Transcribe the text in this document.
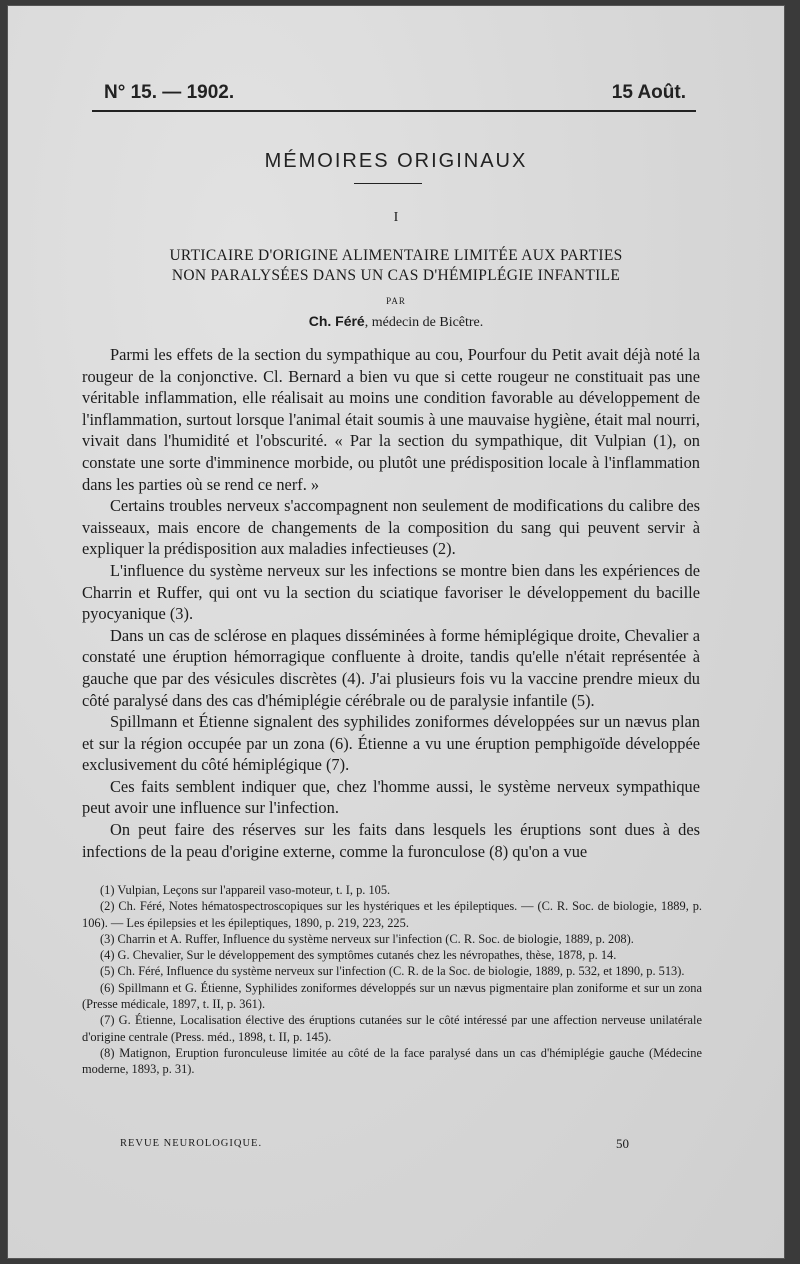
N° 15. — 1902.	15 Août.
MÉMOIRES ORIGINAUX
I
URTICAIRE D'ORIGINE ALIMENTAIRE LIMITÉE AUX PARTIES
NON PARALYSÉES DANS UN CAS D'HÉMIPLÉGIE INFANTILE
PAR
Ch. Féré, médecin de Bicêtre.

Parmi les effets de la section du sympathique au cou, Pourfour du Petit avait déjà noté la rougeur de la conjonctive. Cl. Bernard a bien vu que si cette rougeur ne constituait pas une véritable inflammation, elle réalisait au moins une condition favorable au développement de l'inflammation, surtout lorsque l'animal était soumis à une mauvaise hygiène, était mal nourri, vivait dans l'humidité et l'obscurité. « Par la section du sympathique, dit Vulpian (1), on constate une sorte d'imminence morbide, ou plutôt une prédisposition locale à l'inflammation dans les parties où se rend ce nerf. »

Certains troubles nerveux s'accompagnent non seulement de modifications du calibre des vaisseaux, mais encore de changements de la composition du sang qui peuvent servir à expliquer la prédisposition aux maladies infectieuses (2).

L'influence du système nerveux sur les infections se montre bien dans les expériences de Charrin et Ruffer, qui ont vu la section du sciatique favoriser le développement du bacille pyocyanique (3).

Dans un cas de sclérose en plaques disséminées à forme hémiplégique droite, Chevalier a constaté une éruption hémorragique confluente à droite, tandis qu'elle n'était représentée à gauche que par des vésicules discrètes (4). J'ai plusieurs fois vu la vaccine prendre mieux du côté paralysé dans des cas d'hémiplégie cérébrale ou de paralysie infantile (5).

Spillmann et Étienne signalent des syphilides zoniformes développées sur un nævus plan et sur la région occupée par un zona (6). Étienne a vu une éruption pemphigoïde développée exclusivement du côté hémiplégique (7).

Ces faits semblent indiquer que, chez l'homme aussi, le système nerveux sympathique peut avoir une influence sur l'infection.

On peut faire des réserves sur les faits dans lesquels les éruptions sont dues à des infections de la peau d'origine externe, comme la furonculose (8) qu'on a vue

(1) Vulpian, Leçons sur l'appareil vaso-moteur, t. I, p. 105.

(2) Ch. Féré, Notes hématospectroscopiques sur les hystériques et les épileptiques. — (C. R. Soc. de biologie, 1889, p. 106). — Les épilepsies et les épileptiques, 1890, p. 219, 223, 225.

(3) Charrin et A. Ruffer, Influence du système nerveux sur l'infection (C. R. Soc. de biologie, 1889, p. 208).

(4) G. Chevalier, Sur le développement des symptômes cutanés chez les névropathes, thèse, 1878, p. 14.

(5) Ch. Féré, Influence du système nerveux sur l'infection (C. R. de la Soc. de biologie, 1889, p. 532, et 1890, p. 513).

(6) Spillmann et G. Étienne, Syphilides zoniformes développés sur un nævus pigmentaire plan zoniforme et sur un zona (Presse médicale, 1897, t. II, p. 361).

(7) G. Étienne, Localisation élective des éruptions cutanées sur le côté intéressé par une affection nerveuse unilatérale d'origine centrale (Press. méd., 1898, t. II, p. 145).

(8) Matignon, Eruption furonculeuse limitée au côté de la face paralysé dans un cas d'hémiplégie gauche (Médecine moderne, 1893, p. 31).

REVUE NEUROLOGIQUE.	50
